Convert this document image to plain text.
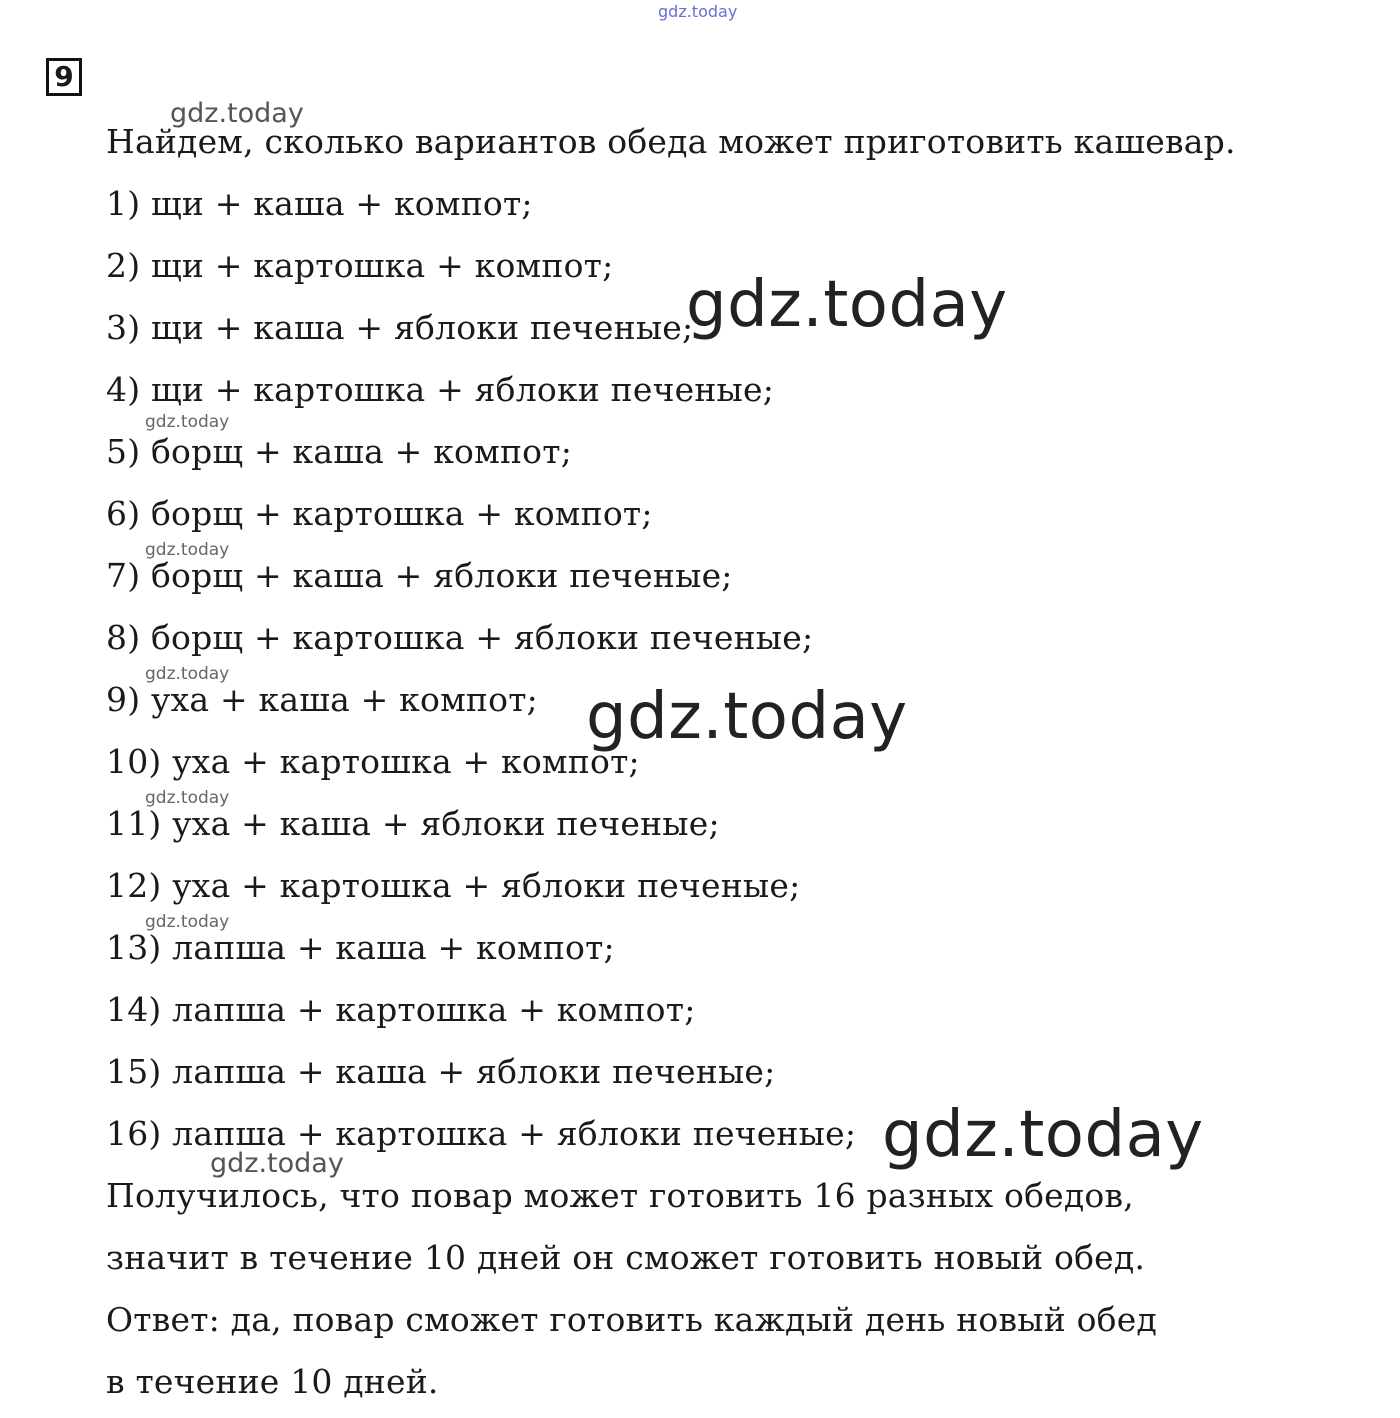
gdz.today
9
Найдем, сколько вариантов обеда может приготовить кашевар.
1) щи + каша + компот;
2) щи + картошка + компот;
3) щи + каша + яблоки печеные;
4) щи + картошка + яблоки печеные;
5) борщ + каша + компот;
6) борщ + картошка + компот;
7) борщ + каша + яблоки печеные;
8) борщ + картошка + яблоки печеные;
9) уха + каша + компот;
10) уха + картошка + компот;
11) уха + каша + яблоки печеные;
12) уха + картошка + яблоки печеные;
13) лапша + каша + компот;
14) лапша + картошка + компот;
15) лапша + каша + яблоки печеные;
16) лапша + картошка + яблоки печеные;
Получилось, что повар может готовить 16 разных обедов,
значит в течение 10 дней он сможет готовить новый обед.
Ответ: да, повар сможет готовить каждый день новый обед
в течение 10 дней.
gdz.today
gdz.today
gdz.today
gdz.today
gdz.today
gdz.today
gdz.today
gdz.today
gdz.today
gdz.today
